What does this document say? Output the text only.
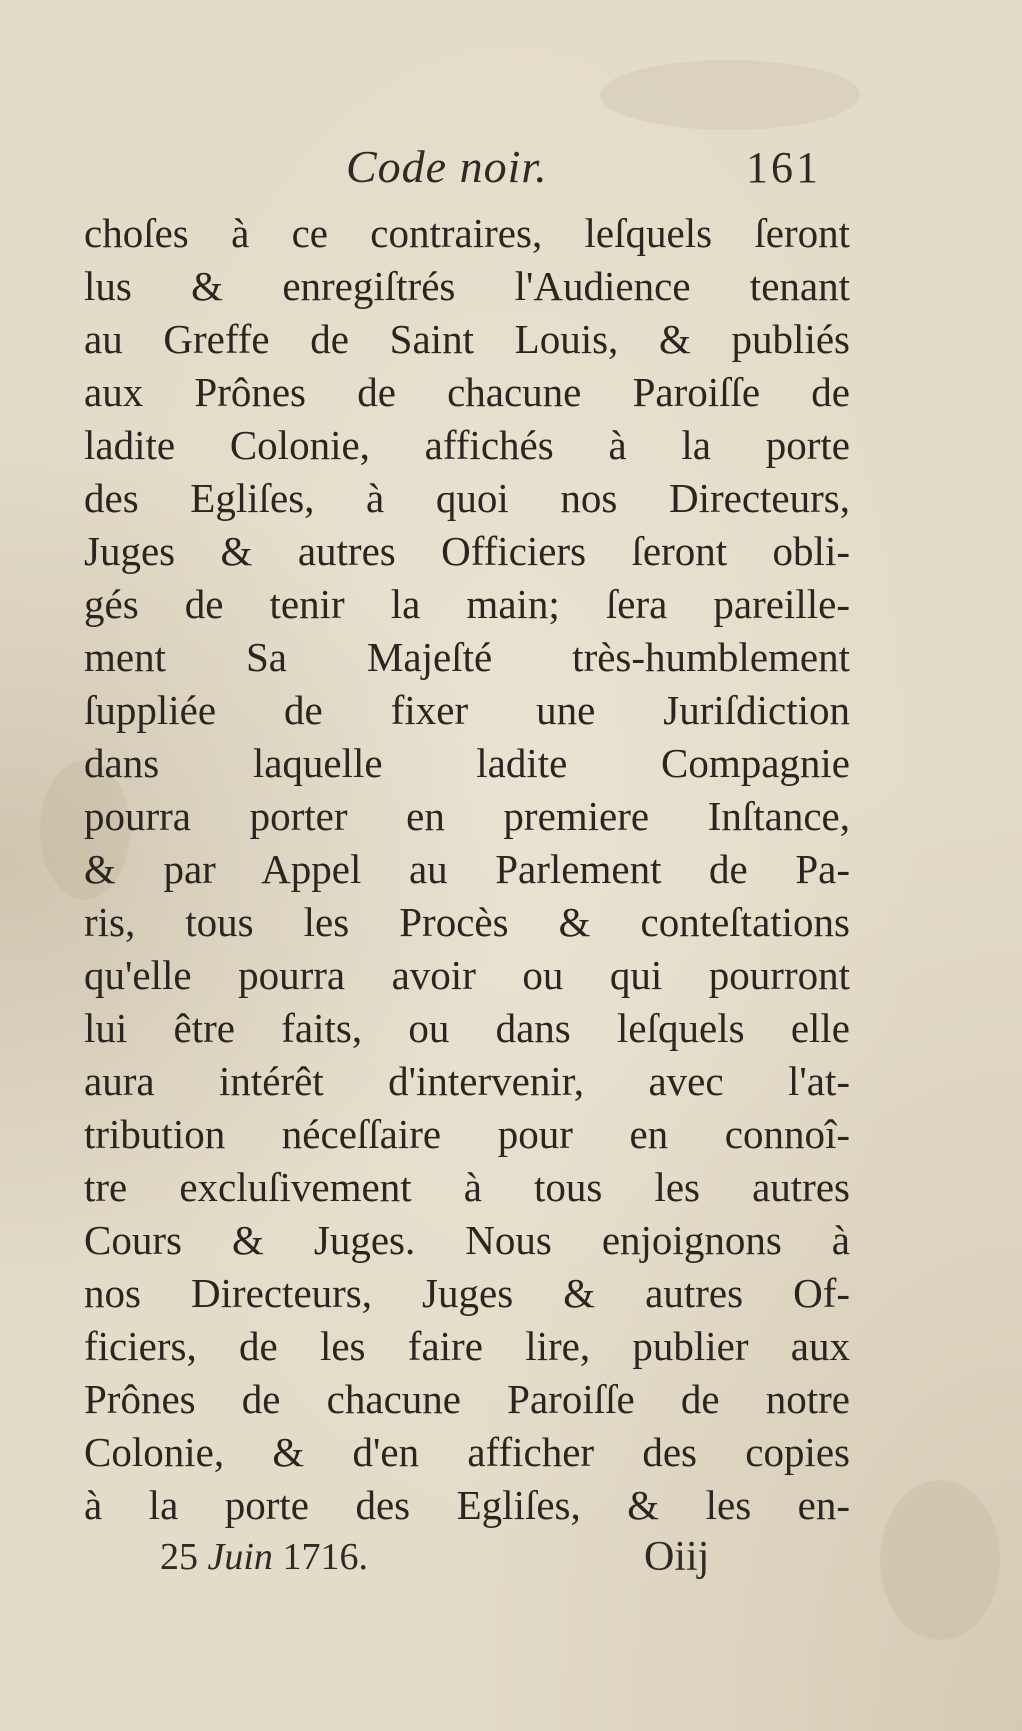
Code noir.	161
choſes à ce contraires, leſquels ſeront
lus & enregiſtrés l'Audience tenant
au Greffe de Saint Louis, & publiés
aux Prônes de chacune Paroiſſe de
ladite Colonie, affichés à la porte
des Egliſes, à quoi nos Directeurs,
Juges & autres Officiers ſeront obli-
gés de tenir la main; ſera pareille-
ment Sa Majeſté très-humblement
ſuppliée de fixer une Juriſdiction
dans laquelle ladite Compagnie
pourra porter en premiere Inſtance,
& par Appel au Parlement de Pa-
ris, tous les Procès & conteſtations
qu'elle pourra avoir ou qui pourront
lui être faits, ou dans leſquels elle
aura intérêt d'intervenir, avec l'at-
tribution néceſſaire pour en connoî-
tre excluſivement à tous les autres
Cours & Juges. Nous enjoignons à
nos Directeurs, Juges & autres Of-
ficiers, de les faire lire, publier aux
Prônes de chacune Paroiſſe de notre
Colonie, & d'en afficher des copies
à la porte des Egliſes, & les en-
25 Juin 1716.	Oiij
